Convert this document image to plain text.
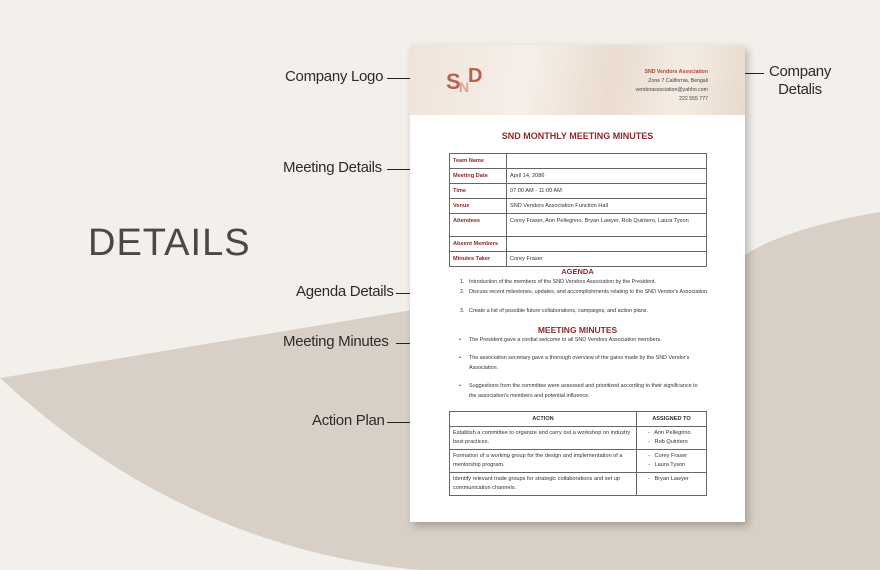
DETAILS
Company Logo
Meeting Details
Agenda Details
Meeting Minutes
Action Plan
Company
Detalis
S
N
D	SND Vendors Association
Zone 7 California, Bengali
vendorassociation@yahho.com
222 555 777
SND MONTHLY MEETING MINUTES
Team Name	
Meeting Date	April 14, 2086
Time	07:00 AM - 11:00 AM
Venue	SND Vendors Association Function Hall
Attendees	Corey Fraser, Ann Pellegrino, Bryan Lawyer, Rob Quintero, Laura Tyson
Absent Members	
Minutes Taker	Corey Fraser
AGENDA
1. Introduction of the members of the SND Vendors Association by the President.
2. Discuss recent milestones, updates, and accomplishments relating to the SND Vendor's Association.
3. Create a list of possible future collaborations, campaigns, and action plans.
MEETING MINUTES
• The President gave a cordial welcome to all SND Vendors Association members.
• The association secretary gave a thorough overview of the gains made by the SND Vendor's Association.
• Suggestions from the committee were assessed and prioritized according to their significance to the association's members and potential influence.
ACTION	ASSIGNED TO
Establish a committee to organize and carry out a workshop on industry best practices.	-   Ann Pellegrino
-   Rob Quintero

Formation of a working group for the design and implementation of a mentorship program.	-   Corey Fraser
-   Laura Tyson

Identify relevant trade groups for strategic collaborations and set up communication channels.	-   Bryan Lawyer
